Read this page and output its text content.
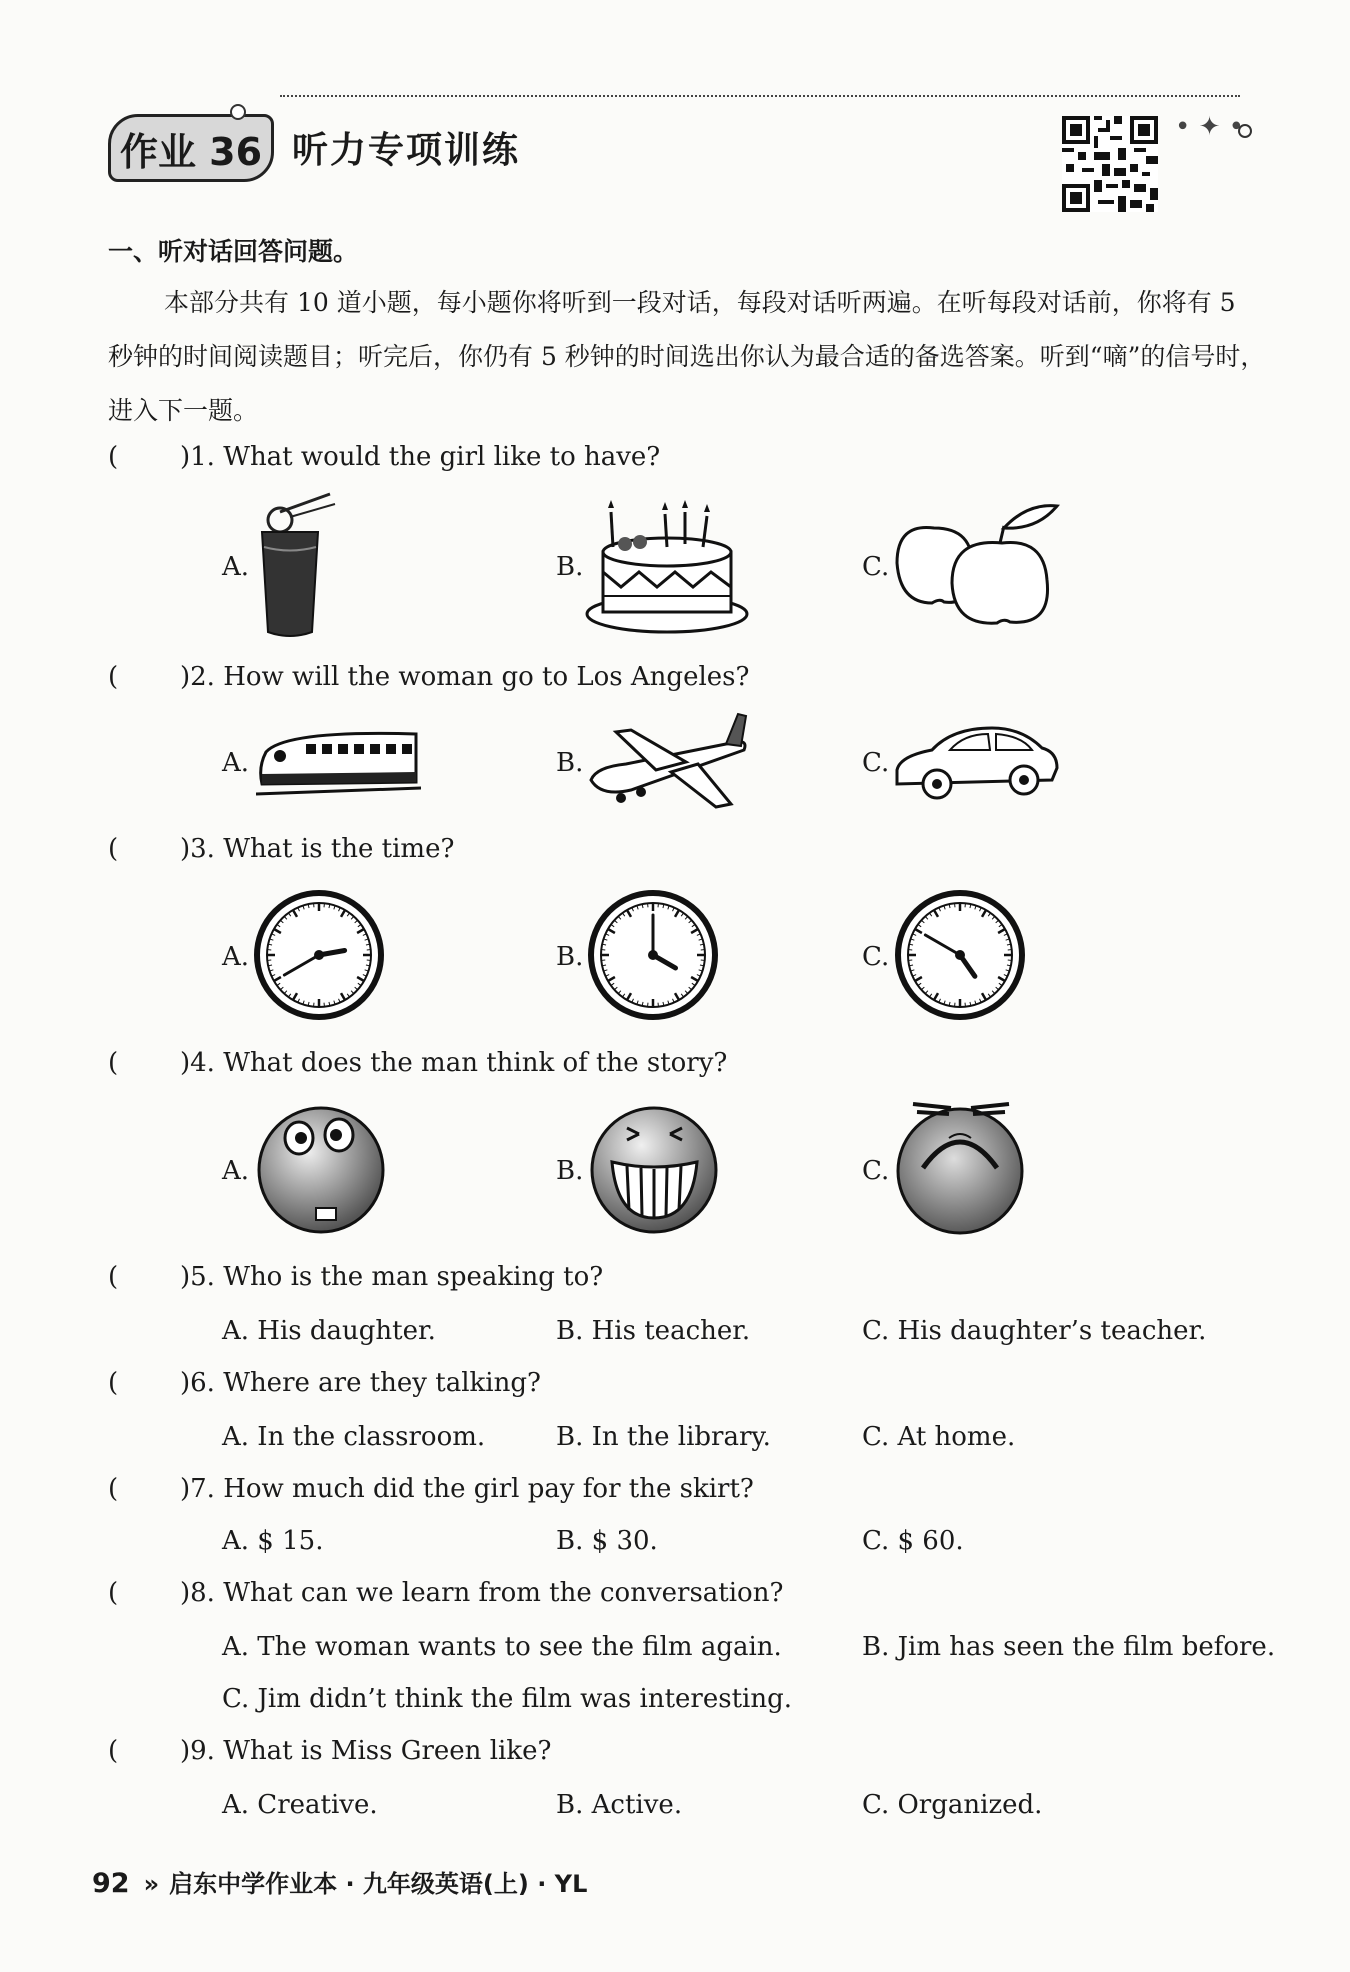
作业 36 听力专项训练
• ✦ •
一、听对话回答问题。
本部分共有 10 道小题，每小题你将听到一段对话，每段对话听两遍。在听每段对话前，你将有 5 秒钟的时间阅读题目；听完后，你仍有 5 秒钟的时间选出你认为最合适的备选答案。听到“嘀”的信号时，进入下一题。
( )1. What would the girl like to have?
A.	B.	C.
( )2. How will the woman go to Los Angeles?
A.	B.	C.
( )3. What is the time?
A.	B.	C.
( )4. What does the man think of the story?
A.	B.	C.
( )5. Who is the man speaking to?
A. His daughter.	B. His teacher.	C. His daughter’s teacher.
( )6. Where are they talking?
A. In the classroom.	B. In the library.	C. At home.
( )7. How much did the girl pay for the skirt?
A. $ 15.	B. $ 30.	C. $ 60.
( )8. What can we learn from the conversation?
A. The woman wants to see the film again.	B. Jim has seen the film before.
C. Jim didn’t think the film was interesting.
( )9. What is Miss Green like?
A. Creative.	B. Active.	C. Organized.
92 » 启东中学作业本 · 九年级英语(上) · YL
